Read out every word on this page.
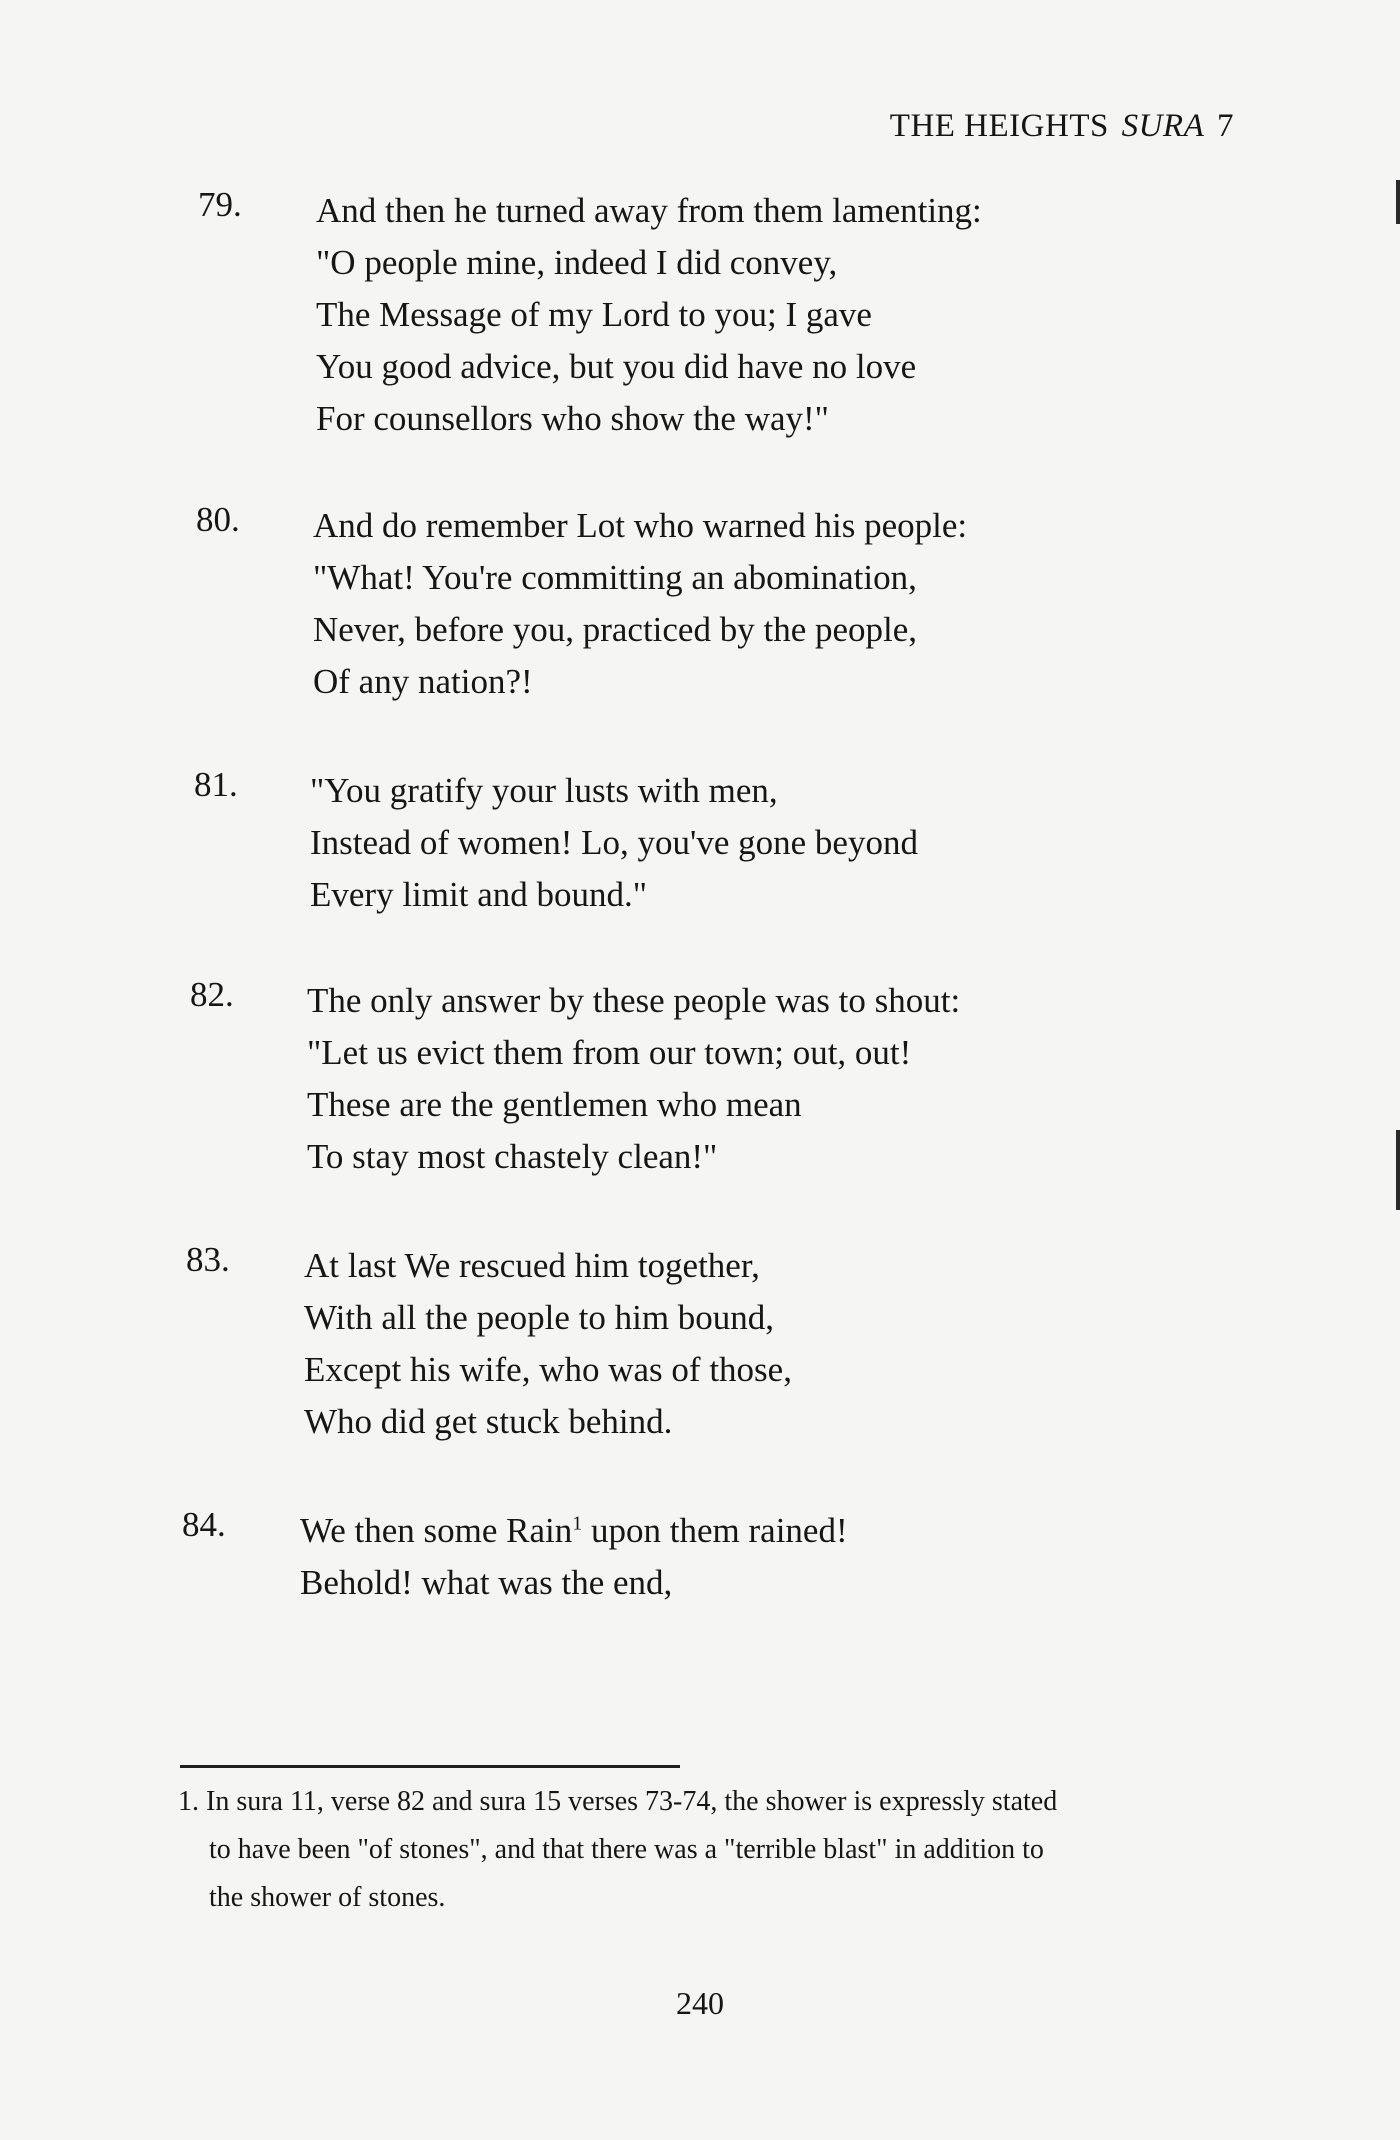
THE HEIGHTS SURA 7
79.	And then he turned away from them lamenting:
"O people mine, indeed I did convey,
The Message of my Lord to you; I gave
You good advice, but you did have no love
For counsellors who show the way!"
80.	And do remember Lot who warned his people:
"What! You're committing an abomination,
Never, before you, practiced by the people,
Of any nation?!
81.	"You gratify your lusts with men,
Instead of women! Lo, you've gone beyond
Every limit and bound."
82.	The only answer by these people was to shout:
"Let us evict them from our town; out, out!
These are the gentlemen who mean
To stay most chastely clean!"
83.	At last We rescued him together,
With all the people to him bound,
Except his wife, who was of those,
Who did get stuck behind.
84.	We then some Rain$^1$ upon them rained!
Behold! what was the end,
1. In sura 11, verse 82 and sura 15 verses 73-74, the shower is expressly stated
to have been "of stones", and that there was a "terrible blast" in addition to
the shower of stones.
240
